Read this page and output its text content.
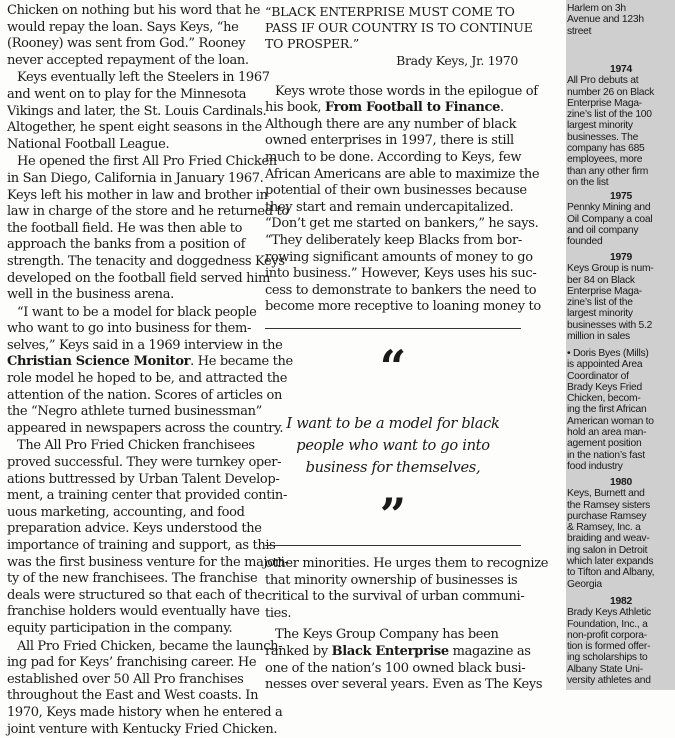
Chicken on nothing but his word that he
would repay the loan. Says Keys, “he
(Rooney) was sent from God.” Rooney
never accepted repayment of the loan.

Keys eventually left the Steelers in 1967
and went on to play for the Minnesota
Vikings and later, the St. Louis Cardinals.
Altogether, he spent eight seasons in the
National Football League.

He opened the first All Pro Fried Chicken
in San Diego, California in January 1967.
Keys left his mother in law and brother in
law in charge of the store and he returned to
the football field. He was then able to
approach the banks from a position of
strength. The tenacity and doggedness Keys
developed on the football field served him
well in the business arena.

“I want to be a model for black people
who want to go into business for them-
selves,” Keys said in a 1969 interview in the
Christian Science Monitor. He became the
role model he hoped to be, and attracted the
attention of the nation. Scores of articles on
the “Negro athlete turned businessman”
appeared in newspapers across the country.

The All Pro Fried Chicken franchisees
proved successful. They were turnkey oper-
ations buttressed by Urban Talent Develop-
ment, a training center that provided contin-
uous marketing, accounting, and food
preparation advice. Keys understood the
importance of training and support, as this
was the first business venture for the majori-
ty of the new franchisees. The franchise
deals were structured so that each of the
franchise holders would eventually have
equity participation in the company.

All Pro Fried Chicken, became the launch-
ing pad for Keys’ franchising career. He
established over 50 All Pro franchises
throughout the East and West coasts. In
1970, Keys made history when he entered a
joint venture with Kentucky Fried Chicken.

“BLACK ENTERPRISE MUST COME TO
PASS IF OUR COUNTRY IS TO CONTINUE
TO PROSPER.”

Brady Keys, Jr. 1970

Keys wrote those words in the epilogue of
his book, From Football to Finance.
Although there are any number of black
owned enterprises in 1997, there is still
much to be done. According to Keys, few
African Americans are able to maximize the
potential of their own businesses because
they start and remain undercapitalized.
“Don’t get me started on bankers,” he says.
“They deliberately keep Blacks from bor-
rowing significant amounts of money to go
into business.” However, Keys uses his suc-
cess to demonstrate to bankers the need to
become more receptive to loaning money to

“
I want to be a model for black
people who want to go into
business for themselves,
”

other minorities. He urges them to recognize
that minority ownership of businesses is
critical to the survival of urban communi-
ties.

The Keys Group Company has been
ranked by Black Enterprise magazine as
one of the nation’s 100 owned black busi-
nesses over several years. Even as The Keys

Harlem on 3h
Avenue and 123h
street
1974
All Pro debuts at
number 26 on Black
Enterprise Maga-
zine’s list of the 100
largest minority
businesses. The
company has 685
employees, more
than any other firm
on the list
1975
Pennky Mining and
Oil Company a coal
and oil company
founded
1979
Keys Group is num-
ber 84 on Black
Enterprise Maga-
zine’s list of the
largest minority
businesses with 5.2
million in sales
• Doris Byes (Mills)
is appointed Area
Coordinator of
Brady Keys Fried
Chicken, becom-
ing the first African
American woman to
hold an area man-
agement position
in the nation’s fast
food industry
1980
Keys, Burnett and
the Ramsey sisters
purchase Ramsey
& Ramsey, Inc. a
braiding and weav-
ing salon in Detroit
which later expands
to Tifton and Albany,
Georgia
1982
Brady Keys Athletic
Foundation, Inc., a
non-profit corpora-
tion is formed offer-
ing scholarships to
Albany State Uni-
versity athletes and
